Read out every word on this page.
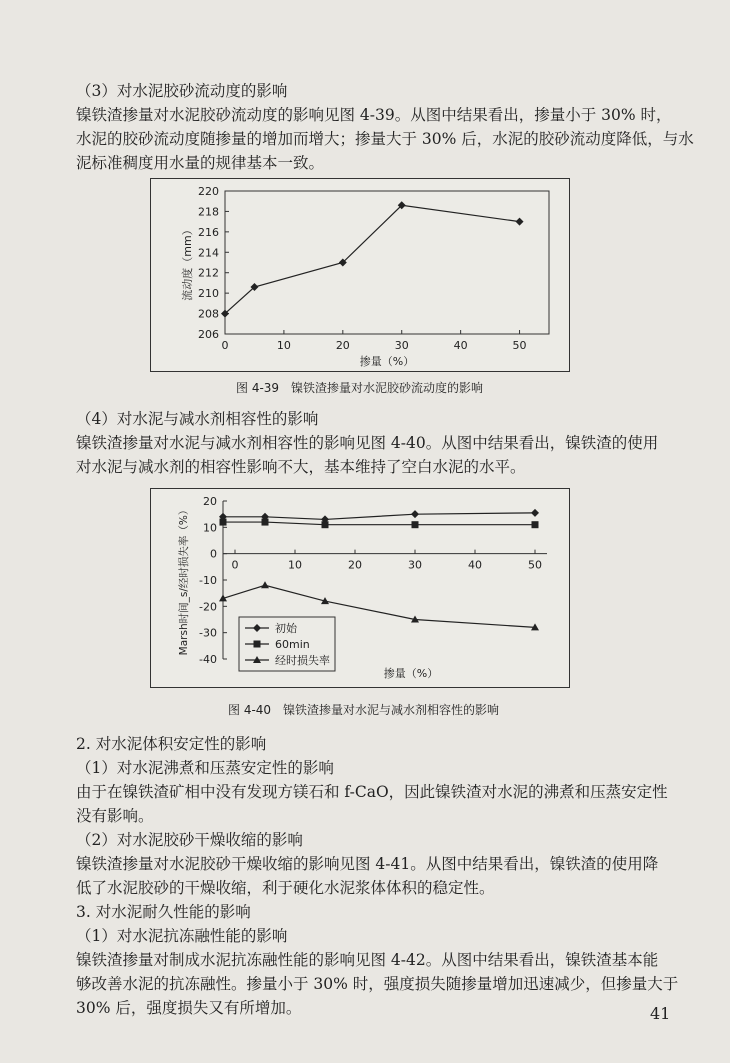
（3）对水泥胶砂流动度的影响
镍铁渣掺量对水泥胶砂流动度的影响见图 4-39。从图中结果看出，掺量小于 30% 时，
水泥的胶砂流动度随掺量的增加而增大；掺量大于 30% 后，水泥的胶砂流动度降低，与水
泥标准稠度用水量的规律基本一致。
206
208
210
212
214
216
218
220
0	10	20	30	40	50
掺量（%）
流动度（mm）
图 4-39　镍铁渣掺量对水泥胶砂流动度的影响
（4）对水泥与减水剂相容性的影响
镍铁渣掺量对水泥与减水剂相容性的影响见图 4-40。从图中结果看出，镍铁渣的使用
对水泥与减水剂的相容性影响不大，基本维持了空白水泥的水平。
20
10
0
-10
-20
-30
-40
0	10	20	30	40	50
掺量（%）
Marsh时间_s/经时损失率（%）	初始
60min
经时损失率
图 4-40　镍铁渣掺量对水泥与减水剂相容性的影响
2. 对水泥体积安定性的影响
（1）对水泥沸煮和压蒸安定性的影响
由于在镍铁渣矿相中没有发现方镁石和 f-CaO，因此镍铁渣对水泥的沸煮和压蒸安定性
没有影响。
（2）对水泥胶砂干燥收缩的影响
镍铁渣掺量对水泥胶砂干燥收缩的影响见图 4-41。从图中结果看出，镍铁渣的使用降
低了水泥胶砂的干燥收缩，利于硬化水泥浆体体积的稳定性。
3. 对水泥耐久性能的影响
（1）对水泥抗冻融性能的影响
镍铁渣掺量对制成水泥抗冻融性能的影响见图 4-42。从图中结果看出，镍铁渣基本能
够改善水泥的抗冻融性。掺量小于 30% 时，强度损失随掺量增加迅速减少，但掺量大于
30% 后，强度损失又有所增加。	41
